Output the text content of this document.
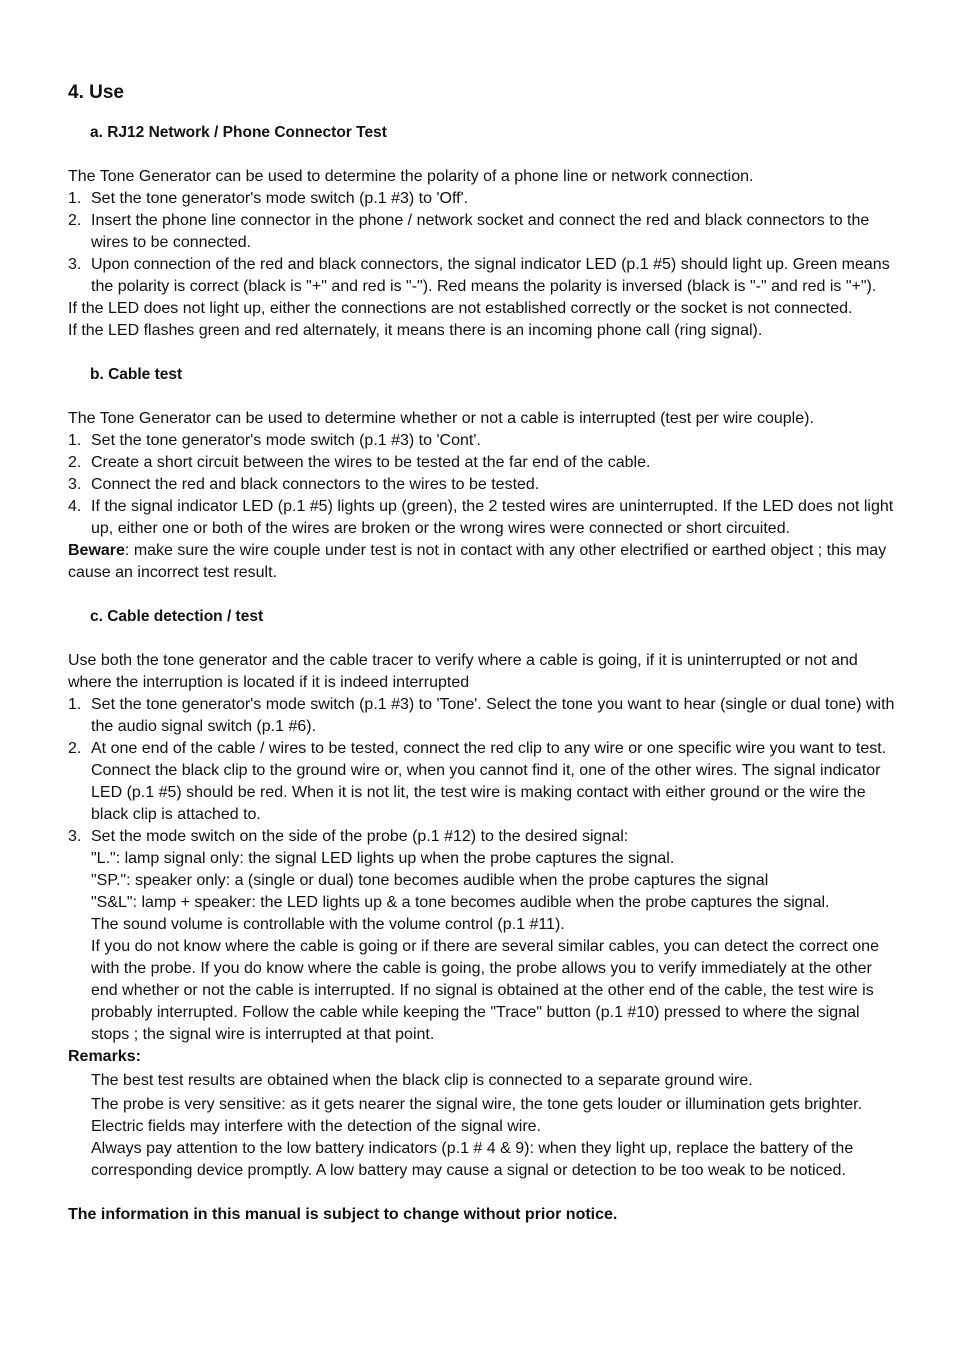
4. Use
a. RJ12 Network / Phone Connector Test

The Tone Generator can be used to determine the polarity of a phone line or network connection.

1. Set the tone generator's mode switch (p.1 #3) to 'Off'.
2. Insert the phone line connector in the phone / network socket and connect the red and black connectors to the wires to be connected.
3. Upon connection of the red and black connectors, the signal indicator LED (p.1 #5) should light up. Green means the polarity is correct (black is "+" and red is "-"). Red means the polarity is inversed (black is "-" and red is "+").

If the LED does not light up, either the connections are not established correctly or the socket is not connected.

If the LED flashes green and red alternately, it means there is an incoming phone call (ring signal).

b. Cable test

The Tone Generator can be used to determine whether or not a cable is interrupted (test per wire couple).

1. Set the tone generator's mode switch (p.1 #3) to 'Cont'.
2. Create a short circuit between the wires to be tested at the far end of the cable.
3. Connect the red and black connectors to the wires to be tested.
4. If the signal indicator LED (p.1 #5) lights up (green), the 2 tested wires are uninterrupted. If the LED does not light up, either one or both of the wires are broken or the wrong wires were connected or short circuited.

Beware: make sure the wire couple under test is not in contact with any other electrified or earthed object ; this may cause an incorrect test result.

c. Cable detection / test

Use both the tone generator and the cable tracer to verify where a cable is going, if it is uninterrupted or not and where the interruption is located if it is indeed interrupted

1. Set the tone generator's mode switch (p.1 #3) to 'Tone'. Select the tone you want to hear (single or dual tone) with the audio signal switch (p.1 #6).
2. At one end of the cable / wires to be tested, connect the red clip to any wire or one specific wire you want to test. Connect the black clip to the ground wire or, when you cannot find it, one of the other wires. The signal indicator LED (p.1 #5) should be red. When it is not lit, the test wire is making contact with either ground or the wire the black clip is attached to.
3. Set the mode switch on the side of the probe (p.1 #12) to the desired signal:
"L.": lamp signal only: the signal LED lights up when the probe captures the signal.
"SP.": speaker only: a (single or dual) tone becomes audible when the probe captures the signal
"S&L": lamp + speaker: the LED lights up & a tone becomes audible when the probe captures the signal.
The sound volume is controllable with the volume control (p.1 #11).
If you do not know where the cable is going or if there are several similar cables, you can detect the correct one with the probe. If you do know where the cable is going, the probe allows you to verify immediately at the other end whether or not the cable is interrupted. If no signal is obtained at the other end of the cable, the test wire is probably interrupted. Follow the cable while keeping the "Trace" button (p.1 #10) pressed to where the signal stops ; the signal wire is interrupted at that point.

Remarks:

The best test results are obtained when the black clip is connected to a separate ground wire.

The probe is very sensitive: as it gets nearer the signal wire, the tone gets louder or illumination gets brighter.

Electric fields may interfere with the detection of the signal wire.

Always pay attention to the low battery indicators (p.1 # 4 & 9): when they light up, replace the battery of the corresponding device promptly. A low battery may cause a signal or detection to be too weak to be noticed.

The information in this manual is subject to change without prior notice.
